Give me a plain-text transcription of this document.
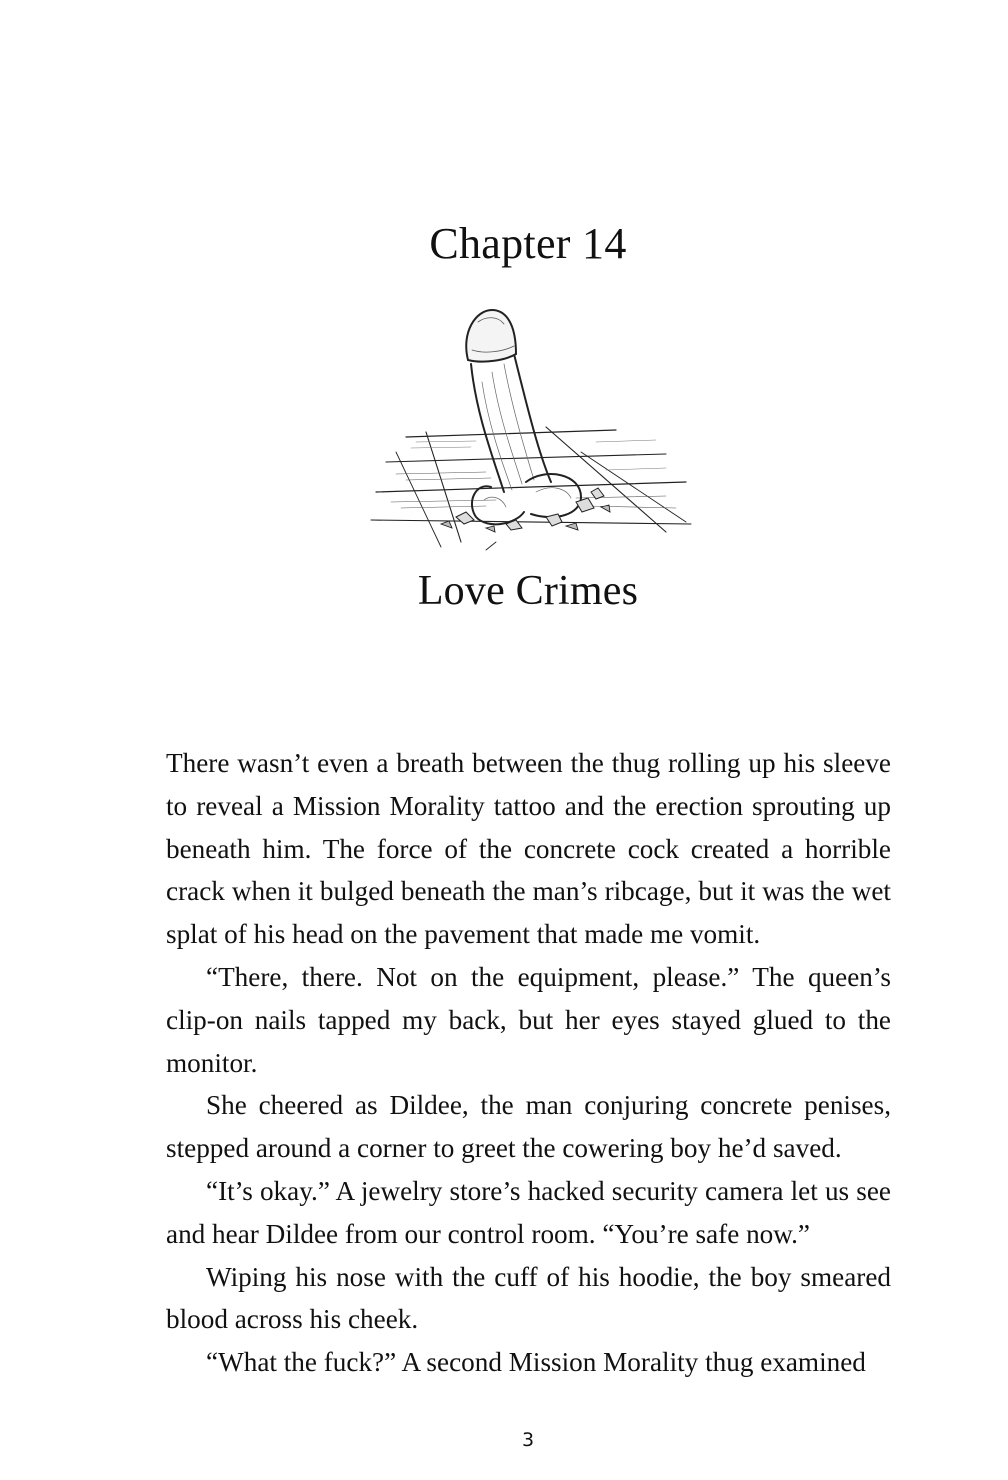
Chapter 14
Love Crimes

There wasn’t even a breath between the thug rolling up his sleeve to reveal a Mission Morality tattoo and the erection sprouting up beneath him. The force of the concrete cock created a horrible crack when it bulged beneath the man’s ribcage, but it was the wet splat of his head on the pavement that made me vomit.

“There, there. Not on the equipment, please.” The queen’s clip-on nails tapped my back, but her eyes stayed glued to the monitor.

She cheered as Dildee, the man conjuring concrete penises, stepped around a corner to greet the cowering boy he’d saved.

“It’s okay.” A jewelry store’s hacked security camera let us see and hear Dildee from our control room. “You’re safe now.”

Wiping his nose with the cuff of his hoodie, the boy smeared blood across his cheek.

“What the fuck?” A second Mission Morality thug examined

3
